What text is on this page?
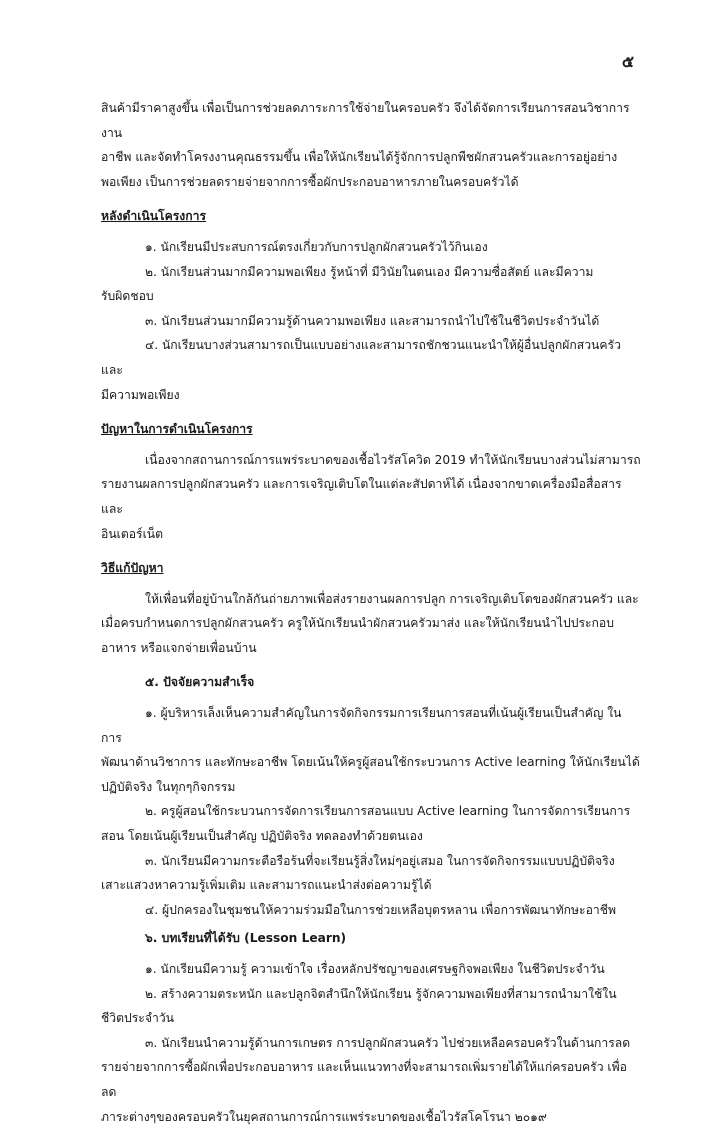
๕

สินค้ามีราคาสูงขึ้น เพื่อเป็นการช่วยลดภาระการใช้จ่ายในครอบครัว จึงได้จัดการเรียนการสอนวิชาการงาน

อาชีพ และจัดทำโครงงานคุณธรรมขึ้น เพื่อให้นักเรียนได้รู้จักการปลูกพืชผักสวนครัวและการอยู่อย่าง

พอเพียง เป็นการช่วยลดรายจ่ายจากการซื้อผักประกอบอาหารภายในครอบครัวได้

หลังดำเนินโครงการ

๑. นักเรียนมีประสบการณ์ตรงเกี่ยวกับการปลูกผักสวนครัวไว้กินเอง

๒. นักเรียนส่วนมากมีความพอเพียง รู้หน้าที่ มีวินัยในตนเอง มีความซื่อสัตย์ และมีความ

รับผิดชอบ

๓. นักเรียนส่วนมากมีความรู้ด้านความพอเพียง และสามารถนำไปใช้ในชีวิตประจำวันได้

๔. นักเรียนบางส่วนสามารถเป็นแบบอย่างและสามารถชักชวนแนะนำให้ผู้อื่นปลูกผักสวนครัวและ

มีความพอเพียง

ปัญหาในการดำเนินโครงการ

เนื่องจากสถานการณ์การแพร่ระบาดของเชื้อไวรัสโควิด 2019 ทำให้นักเรียนบางส่วนไม่สามารถ

รายงานผลการปลูกผักสวนครัว และการเจริญเติบโตในแต่ละสัปดาห์ได้ เนื่องจากขาดเครื่องมือสื่อสาร และ

อินเตอร์เน็ต

วิธีแก้ปัญหา

ให้เพื่อนที่อยู่บ้านใกล้กันถ่ายภาพเพื่อส่งรายงานผลการปลูก การเจริญเติบโตของผักสวนครัว และ

เมื่อครบกำหนดการปลูกผักสวนครัว ครูให้นักเรียนนำผักสวนครัวมาส่ง และให้นักเรียนนำไปประกอบ

อาหาร หรือแจกจ่ายเพื่อนบ้าน

๕. ปัจจัยความสำเร็จ

๑. ผู้บริหารเล็งเห็นความสำคัญในการจัดกิจกรรมการเรียนการสอนที่เน้นผู้เรียนเป็นสำคัญ ในการ

พัฒนาด้านวิชาการ และทักษะอาชีพ โดยเน้นให้ครูผู้สอนใช้กระบวนการ Active learning ให้นักเรียนได้

ปฏิบัติจริง ในทุกๆกิจกรรม

๒. ครูผู้สอนใช้กระบวนการจัดการเรียนการสอนแบบ Active learning ในการจัดการเรียนการ

สอน โดยเน้นผู้เรียนเป็นสำคัญ ปฏิบัติจริง ทดลองทำด้วยตนเอง

๓. นักเรียนมีความกระตือรือร้นที่จะเรียนรู้สิ่งใหม่ๆอยู่เสมอ ในการจัดกิจกรรมแบบปฏิบัติจริง

เสาะแสวงหาความรู้เพิ่มเติม และสามารถแนะนำส่งต่อความรู้ได้

๔. ผู้ปกครองในชุมชนให้ความร่วมมือในการช่วยเหลือบุตรหลาน เพื่อการพัฒนาทักษะอาชีพ

๖. บทเรียนที่ได้รับ (Lesson Learn)

๑. นักเรียนมีความรู้ ความเข้าใจ เรื่องหลักปรัชญาของเศรษฐกิจพอเพียง ในชีวิตประจำวัน

๒. สร้างความตระหนัก และปลูกจิตสำนึกให้นักเรียน รู้จักความพอเพียงที่สามารถนำมาใช้ใน

ชีวิตประจำวัน

๓. นักเรียนนำความรู้ด้านการเกษตร การปลูกผักสวนครัว ไปช่วยเหลือครอบครัวในด้านการลด

รายจ่ายจากการซื้อผักเพื่อประกอบอาหาร และเห็นแนวทางที่จะสามารถเพิ่มรายได้ให้แก่ครอบครัว เพื่อลด

ภาระต่างๆของครอบครัวในยุคสถานการณ์การแพร่ระบาดของเชื้อไวรัสโคโรนา ๒๐๑๙
